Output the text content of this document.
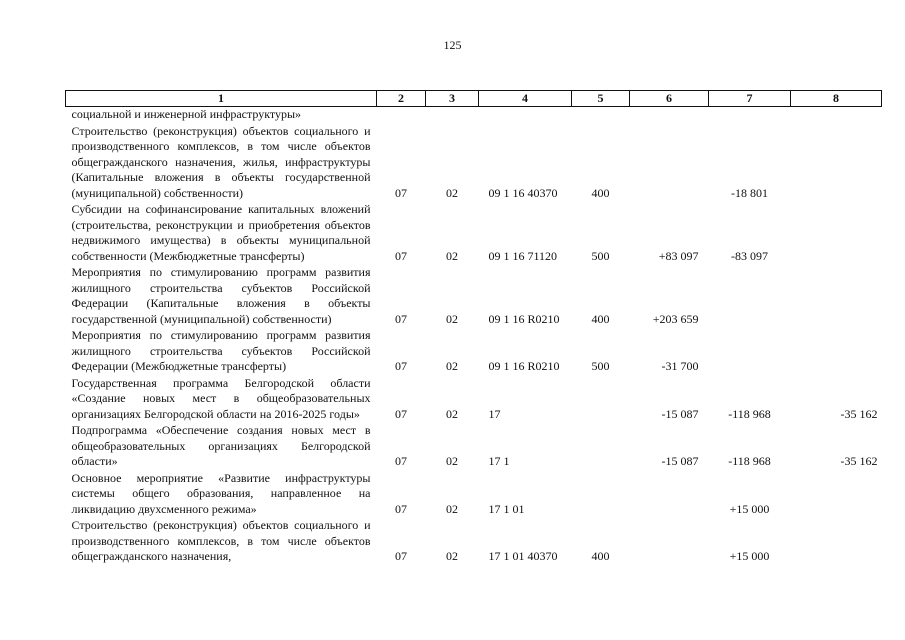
125
1	2	3	4	5	6	7	8
социальной и инженерной инфраструктуры»							
Строительство (реконструкция) объектов социального и производственного комплексов, в том числе объектов общегражданского назначения, жилья, инфраструктуры (Капитальные вложения в объекты государственной (муниципальной) собственности)	07	02	09 1 16 40370	400		-18 801	
Субсидии на софинансирование капитальных вложений (строительства, реконструкции и приобретения объектов недвижимого имущества) в объекты муниципальной собственности (Межбюджетные трансферты)	07	02	09 1 16 71120	500	+83 097	-83 097	
Мероприятия по стимулированию программ развития жилищного строительства субъектов Российской Федерации (Капитальные вложения в объекты государственной (муниципальной) собственности)	07	02	09 1 16 R0210	400	+203 659		
Мероприятия по стимулированию программ развития жилищного строительства субъектов Российской Федерации (Межбюджетные трансферты)	07	02	09 1 16 R0210	500	-31 700		
Государственная программа Белгородской области «Создание новых мест в общеобразовательных организациях Белгородской области на 2016-2025 годы»	07	02	17		-15 087	-118 968	-35 162
Подпрограмма «Обеспечение создания новых мест в общеобразовательных организациях Белгородской области»	07	02	17 1		-15 087	-118 968	-35 162
Основное мероприятие «Развитие инфраструктуры системы общего образования, направленное на ликвидацию двухсменного режима»	07	02	17 1 01			+15 000	
Строительство (реконструкция) объектов социального и производственного комплексов, в том числе объектов общегражданского назначения,	07	02	17 1 01 40370	400		+15 000	
